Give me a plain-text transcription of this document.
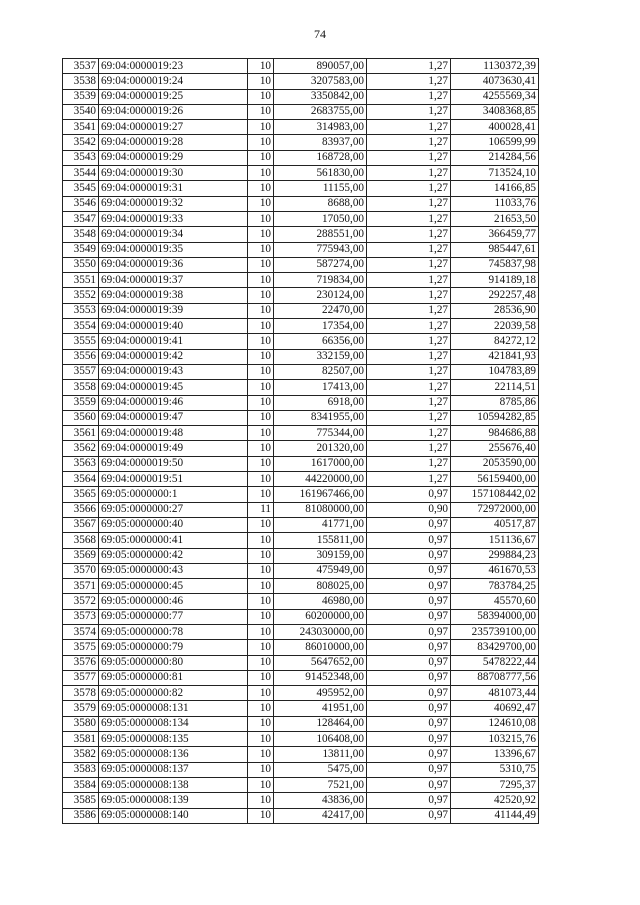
74
3537	69:04:0000019:23	10	890057,00	1,27	1130372,39
3538	69:04:0000019:24	10	3207583,00	1,27	4073630,41
3539	69:04:0000019:25	10	3350842,00	1,27	4255569,34
3540	69:04:0000019:26	10	2683755,00	1,27	3408368,85
3541	69:04:0000019:27	10	314983,00	1,27	400028,41
3542	69:04:0000019:28	10	83937,00	1,27	106599,99
3543	69:04:0000019:29	10	168728,00	1,27	214284,56
3544	69:04:0000019:30	10	561830,00	1,27	713524,10
3545	69:04:0000019:31	10	11155,00	1,27	14166,85
3546	69:04:0000019:32	10	8688,00	1,27	11033,76
3547	69:04:0000019:33	10	17050,00	1,27	21653,50
3548	69:04:0000019:34	10	288551,00	1,27	366459,77
3549	69:04:0000019:35	10	775943,00	1,27	985447,61
3550	69:04:0000019:36	10	587274,00	1,27	745837,98
3551	69:04:0000019:37	10	719834,00	1,27	914189,18
3552	69:04:0000019:38	10	230124,00	1,27	292257,48
3553	69:04:0000019:39	10	22470,00	1,27	28536,90
3554	69:04:0000019:40	10	17354,00	1,27	22039,58
3555	69:04:0000019:41	10	66356,00	1,27	84272,12
3556	69:04:0000019:42	10	332159,00	1,27	421841,93
3557	69:04:0000019:43	10	82507,00	1,27	104783,89
3558	69:04:0000019:45	10	17413,00	1,27	22114,51
3559	69:04:0000019:46	10	6918,00	1,27	8785,86
3560	69:04:0000019:47	10	8341955,00	1,27	10594282,85
3561	69:04:0000019:48	10	775344,00	1,27	984686,88
3562	69:04:0000019:49	10	201320,00	1,27	255676,40
3563	69:04:0000019:50	10	1617000,00	1,27	2053590,00
3564	69:04:0000019:51	10	44220000,00	1,27	56159400,00
3565	69:05:0000000:1	10	161967466,00	0,97	157108442,02
3566	69:05:0000000:27	11	81080000,00	0,90	72972000,00
3567	69:05:0000000:40	10	41771,00	0,97	40517,87
3568	69:05:0000000:41	10	155811,00	0,97	151136,67
3569	69:05:0000000:42	10	309159,00	0,97	299884,23
3570	69:05:0000000:43	10	475949,00	0,97	461670,53
3571	69:05:0000000:45	10	808025,00	0,97	783784,25
3572	69:05:0000000:46	10	46980,00	0,97	45570,60
3573	69:05:0000000:77	10	60200000,00	0,97	58394000,00
3574	69:05:0000000:78	10	243030000,00	0,97	235739100,00
3575	69:05:0000000:79	10	86010000,00	0,97	83429700,00
3576	69:05:0000000:80	10	5647652,00	0,97	5478222,44
3577	69:05:0000000:81	10	91452348,00	0,97	88708777,56
3578	69:05:0000000:82	10	495952,00	0,97	481073,44
3579	69:05:0000008:131	10	41951,00	0,97	40692,47
3580	69:05:0000008:134	10	128464,00	0,97	124610,08
3581	69:05:0000008:135	10	106408,00	0,97	103215,76
3582	69:05:0000008:136	10	13811,00	0,97	13396,67
3583	69:05:0000008:137	10	5475,00	0,97	5310,75
3584	69:05:0000008:138	10	7521,00	0,97	7295,37
3585	69:05:0000008:139	10	43836,00	0,97	42520,92
3586	69:05:0000008:140	10	42417,00	0,97	41144,49
